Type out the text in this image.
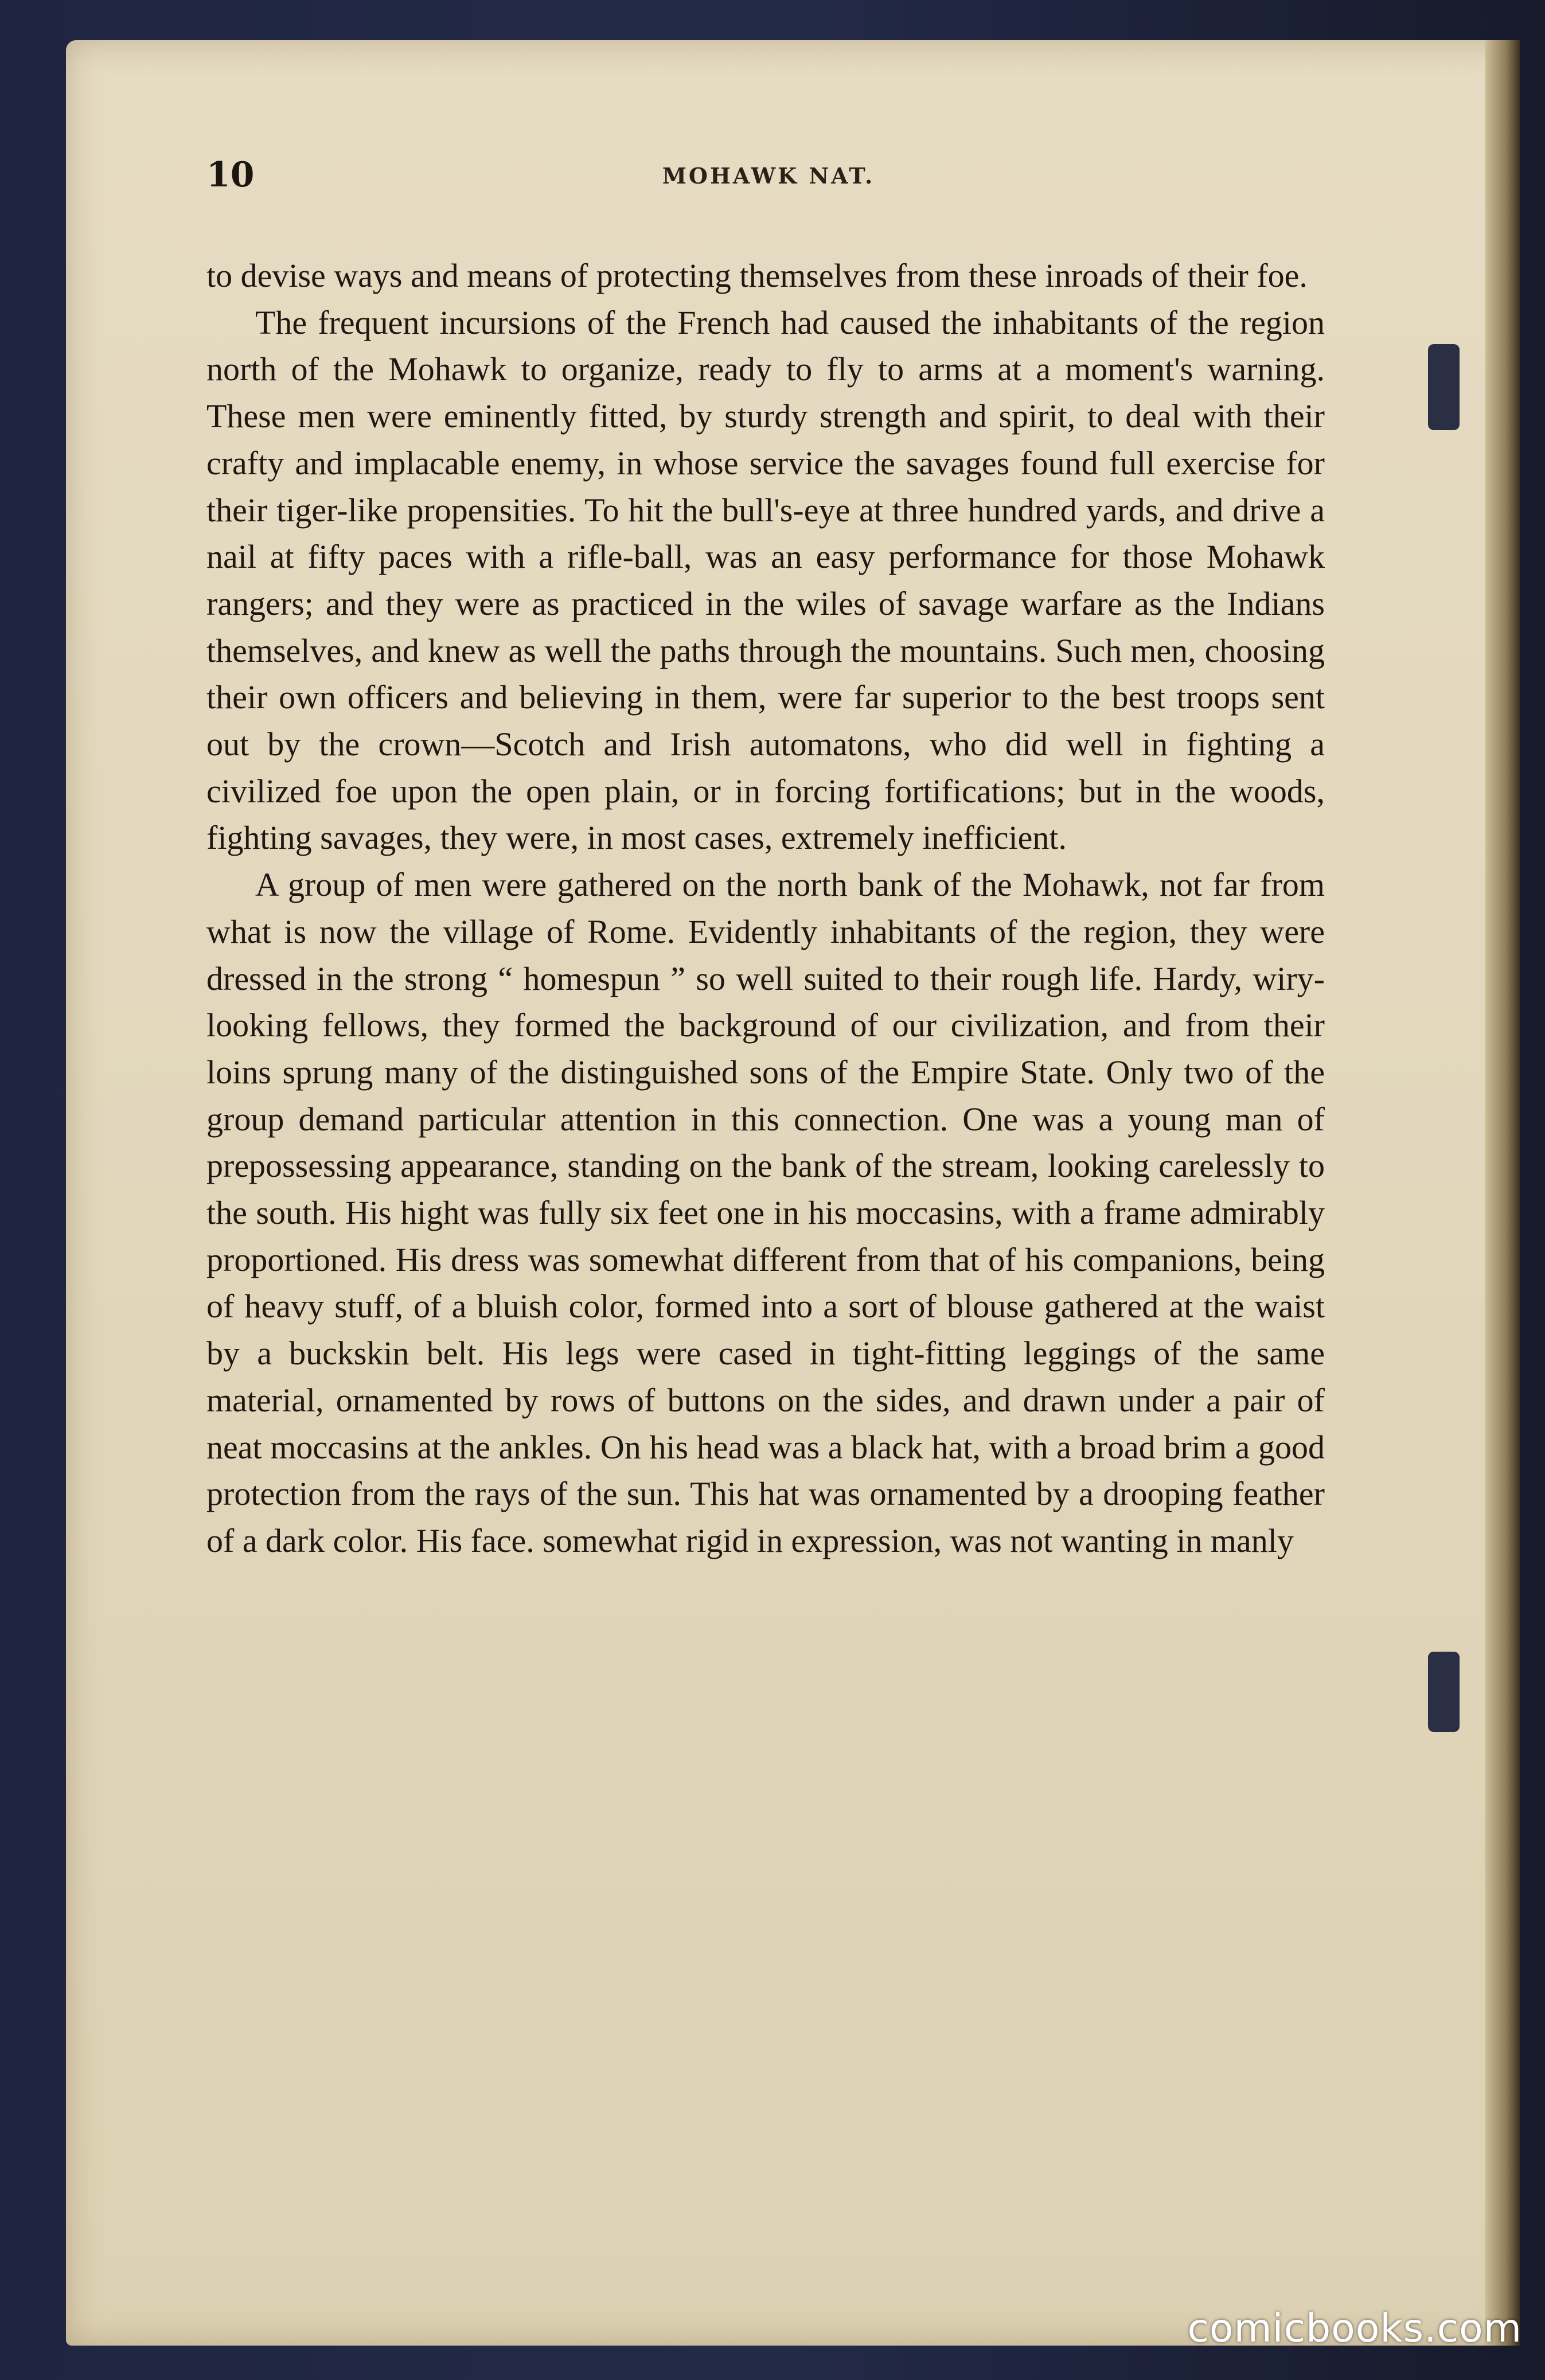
10	MOHAWK NAT.

to devise ways and means of protecting themselves from these inroads of their foe.

The frequent incursions of the French had caused the inhabitants of the region north of the Mohawk to organize, ready to fly to arms at a moment's warning. These men were eminently fitted, by sturdy strength and spirit, to deal with their crafty and implacable enemy, in whose service the savages found full exercise for their tiger-like propensities. To hit the bull's-eye at three hundred yards, and drive a nail at fifty paces with a rifle-ball, was an easy performance for those Mohawk rangers; and they were as practiced in the wiles of savage warfare as the Indians themselves, and knew as well the paths through the mountains. Such men, choosing their own officers and believing in them, were far superior to the best troops sent out by the crown—Scotch and Irish automatons, who did well in fighting a civilized foe upon the open plain, or in forcing fortifications; but in the woods, fighting savages, they were, in most cases, extremely inefficient.

A group of men were gathered on the north bank of the Mohawk, not far from what is now the village of Rome. Evidently inhabitants of the region, they were dressed in the strong “ homespun ” so well suited to their rough life. Hardy, wiry-looking fellows, they formed the background of our civilization, and from their loins sprung many of the distinguished sons of the Empire State. Only two of the group demand particular attention in this connection. One was a young man of prepossessing appearance, standing on the bank of the stream, looking carelessly to the south. His hight was fully six feet one in his moccasins, with a frame admirably proportioned. His dress was somewhat different from that of his companions, being of heavy stuff, of a bluish color, formed into a sort of blouse gathered at the waist by a buckskin belt. His legs were cased in tight-fitting leggings of the same material, ornamented by rows of buttons on the sides, and drawn under a pair of neat moccasins at the ankles. On his head was a black hat, with a broad brim a good protection from the rays of the sun. This hat was ornamented by a drooping feather of a dark color. His face. somewhat rigid in expression, was not wanting in manly

comicbooks.com
